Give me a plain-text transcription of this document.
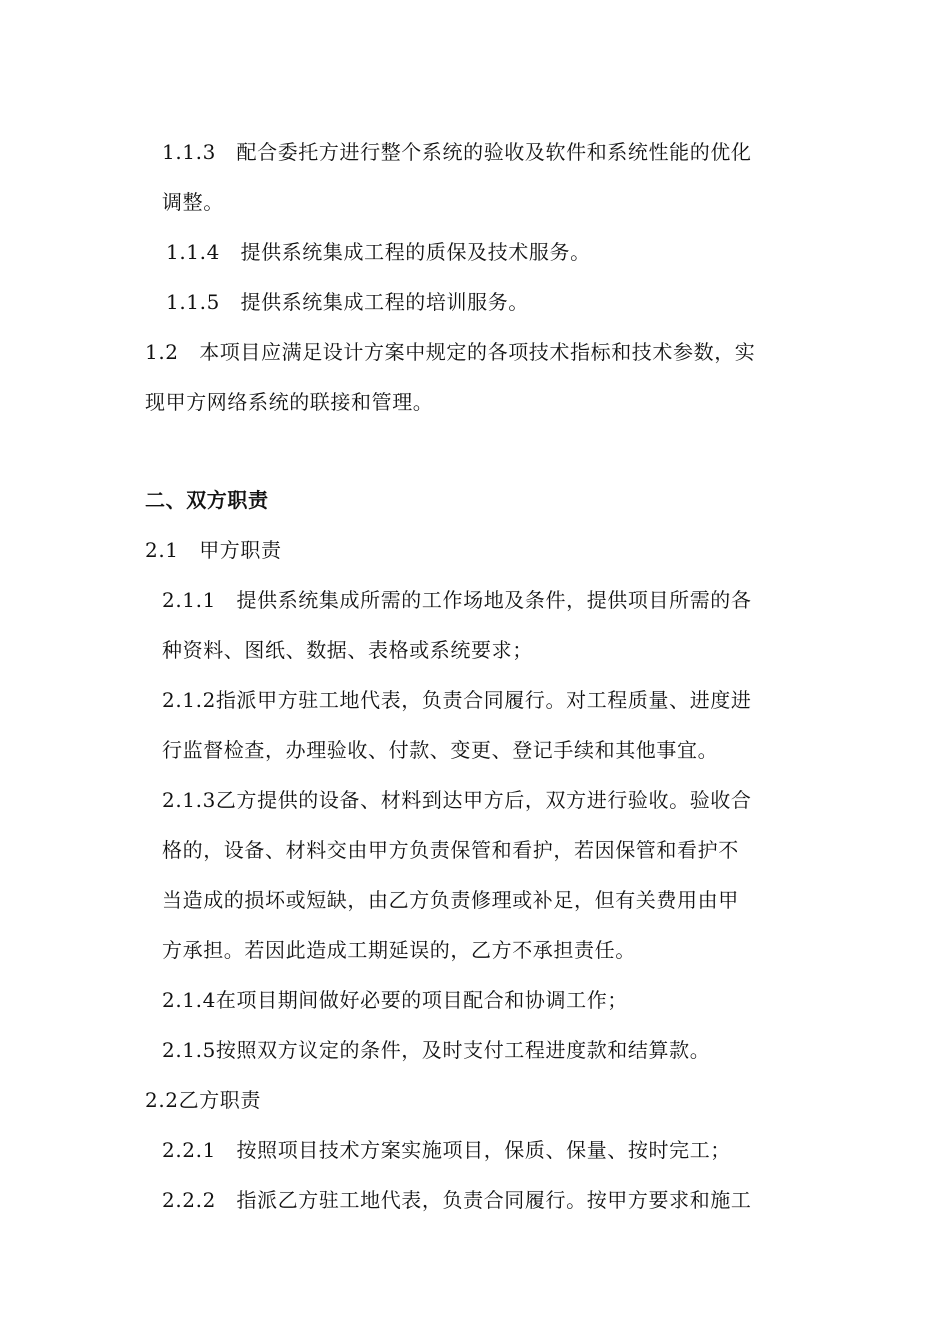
1.1.3　配合委托方进行整个系统的验收及软件和系统性能的优化
调整。
1.1.4　提供系统集成工程的质保及技术服务。
1.1.5　提供系统集成工程的培训服务。
1.2　本项目应满足设计方案中规定的各项技术指标和技术参数，实
现甲方网络系统的联接和管理。
二、双方职责
2.1　甲方职责
2.1.1　提供系统集成所需的工作场地及条件，提供项目所需的各
种资料、图纸、数据、表格或系统要求；
2.1.2指派甲方驻工地代表，负责合同履行。对工程质量、进度进
行监督检查，办理验收、付款、变更、登记手续和其他事宜。
2.1.3乙方提供的设备、材料到达甲方后，双方进行验收。验收合
格的，设备、材料交由甲方负责保管和看护，若因保管和看护不
当造成的损坏或短缺，由乙方负责修理或补足，但有关费用由甲
方承担。若因此造成工期延误的，乙方不承担责任。
2.1.4在项目期间做好必要的项目配合和协调工作；
2.1.5按照双方议定的条件，及时支付工程进度款和结算款。
2.2乙方职责
2.2.1　按照项目技术方案实施项目，保质、保量、按时完工；
2.2.2　指派乙方驻工地代表，负责合同履行。按甲方要求和施工
